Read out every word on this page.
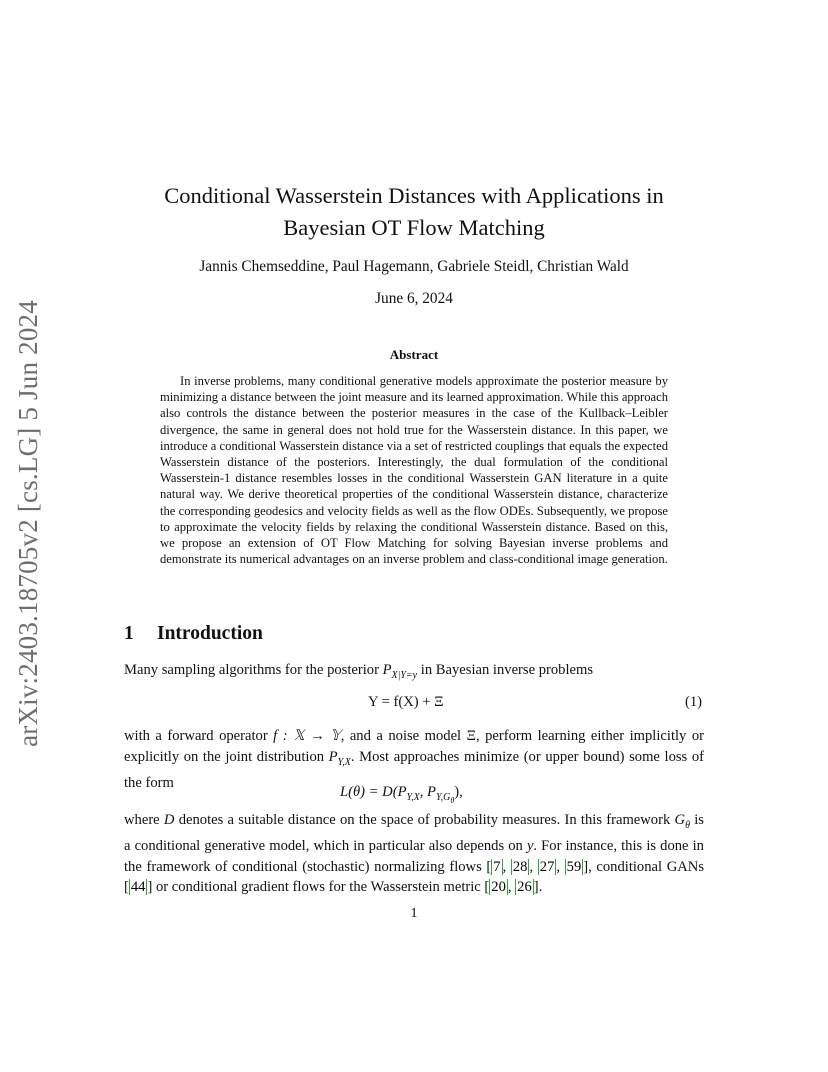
arXiv:2403.18705v2 [cs.LG] 5 Jun 2024
Conditional Wasserstein Distances with Applications in
Bayesian OT Flow Matching
Jannis Chemseddine, Paul Hagemann, Gabriele Steidl, Christian Wald
June 6, 2024
Abstract
In inverse problems, many conditional generative models approximate the posterior measure by minimizing a distance between the joint measure and its learned approximation. While this approach also controls the distance between the posterior measures in the case of the Kullback–Leibler divergence, the same in general does not hold true for the Wasserstein distance. In this paper, we introduce a conditional Wasserstein distance via a set of restricted couplings that equals the expected Wasserstein distance of the posteriors. Interestingly, the dual formulation of the conditional Wasserstein-1 distance resembles losses in the conditional Wasserstein GAN literature in a quite natural way. We derive theoretical properties of the conditional Wasserstein distance, characterize the corresponding geodesics and velocity fields as well as the flow ODEs. Subsequently, we propose to approximate the velocity fields by relaxing the conditional Wasserstein distance. Based on this, we propose an extension of OT Flow Matching for solving Bayesian inverse problems and demonstrate its numerical advantages on an inverse problem and class-conditional image generation.
1 Introduction
Many sampling algorithms for the posterior $P_{X|Y=y}$ in Bayesian inverse problems
Y = f(X) + Ξ	(1)
with a forward operator f : 𝕏 → 𝕐, and a noise model Ξ, perform learning either implicitly or explicitly on the joint distribution $P_{Y,X}$. Most approaches minimize (or upper bound) some loss of the form
$L(\theta) = D(P_{Y,X}$, $P_{Y,G_\theta}$),
where D denotes a suitable distance on the space of probability measures. In this framework $G_\theta$ is a conditional generative model, which in particular also depends on y. For instance, this is done in the framework of conditional (stochastic) normalizing flows [ 7 , 28 , 27 , 59 ], conditional GANs [ 44 ] or conditional gradient flows for the Wasserstein metric [ 20 , 26 ].
1
